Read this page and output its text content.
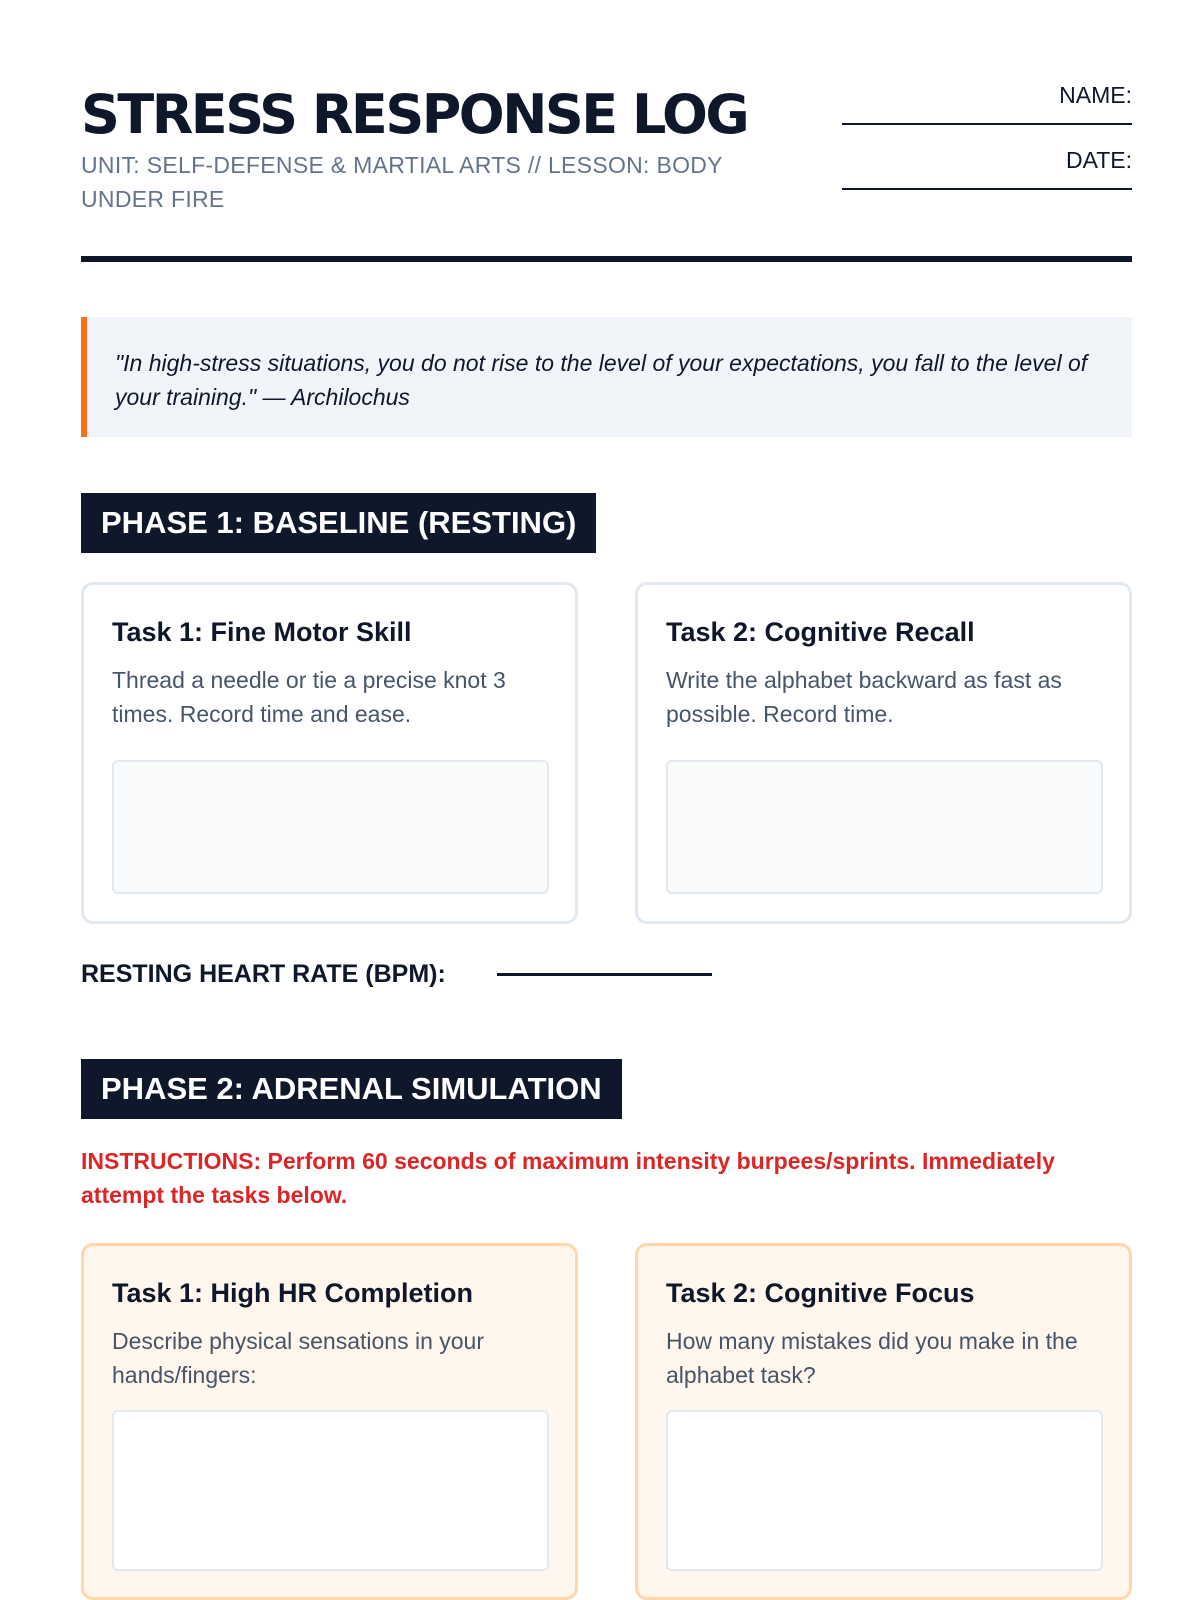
STRESS RESPONSE LOG
UNIT: SELF-DEFENSE & MARTIAL ARTS // LESSON: BODY UNDER FIRE
NAME:
DATE:
"In high-stress situations, you do not rise to the level of your expectations, you fall to the level of your training." — Archilochus
PHASE 1: BASELINE (RESTING)
Task 1: Fine Motor Skill

Thread a needle or tie a precise knot 3 times. Record time and ease.

Task 2: Cognitive Recall

Write the alphabet backward as fast as possible. Record time.

RESTING HEART RATE (BPM):
PHASE 2: ADRENAL SIMULATION
INSTRUCTIONS: Perform 60 seconds of maximum intensity burpees/sprints. Immediately attempt the tasks below.
Task 1: High HR Completion

Describe physical sensations in your hands/fingers:

Task 2: Cognitive Focus

How many mistakes did you make in the alphabet task?
